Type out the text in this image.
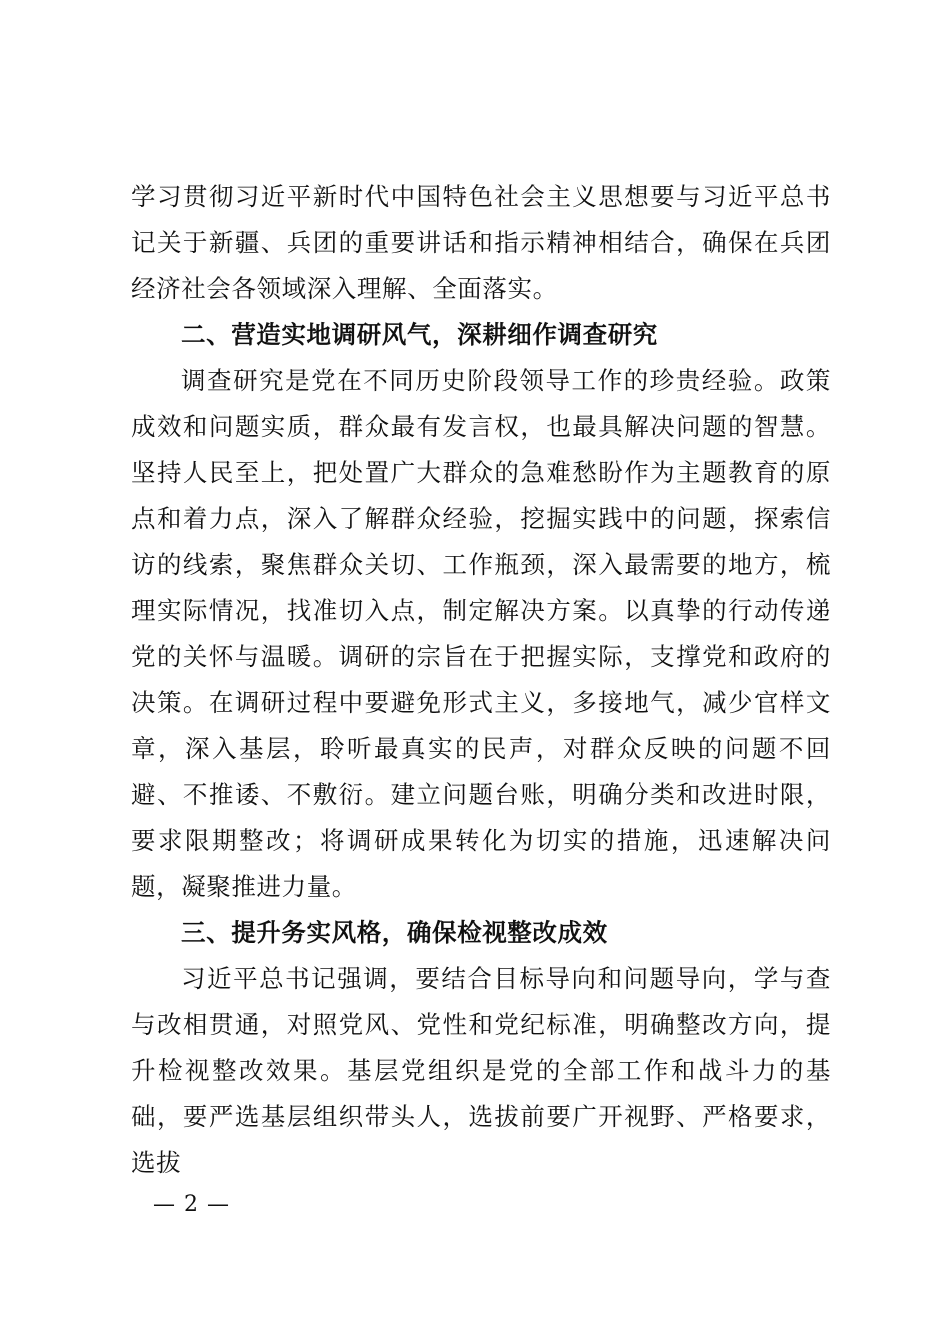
学习贯彻习近平新时代中国特色社会主义思想要与习近平总书记关于新疆、兵团的重要讲话和指示精神相结合，确保在兵团经济社会各领域深入理解、全面落实。

二、营造实地调研风气，深耕细作调查研究

调查研究是党在不同历史阶段领导工作的珍贵经验。政策成效和问题实质，群众最有发言权，也最具解决问题的智慧。坚持人民至上，把处置广大群众的急难愁盼作为主题教育的原点和着力点，深入了解群众经验，挖掘实践中的问题，探索信访的线索，聚焦群众关切、工作瓶颈，深入最需要的地方，梳理实际情况，找准切入点，制定解决方案。以真挚的行动传递党的关怀与温暖。调研的宗旨在于把握实际，支撑党和政府的决策。在调研过程中要避免形式主义，多接地气，减少官样文章，深入基层，聆听最真实的民声，对群众反映的问题不回避、不推诿、不敷衍。建立问题台账，明确分类和改进时限，要求限期整改；将调研成果转化为切实的措施，迅速解决问题，凝聚推进力量。

三、提升务实风格，确保检视整改成效

习近平总书记强调，要结合目标导向和问题导向，学与查与改相贯通，对照党风、党性和党纪标准，明确整改方向，提升检视整改效果。基层党组织是党的全部工作和战斗力的基础，要严选基层组织带头人，选拔前要广开视野、严格要求，选拔

— 2 —
